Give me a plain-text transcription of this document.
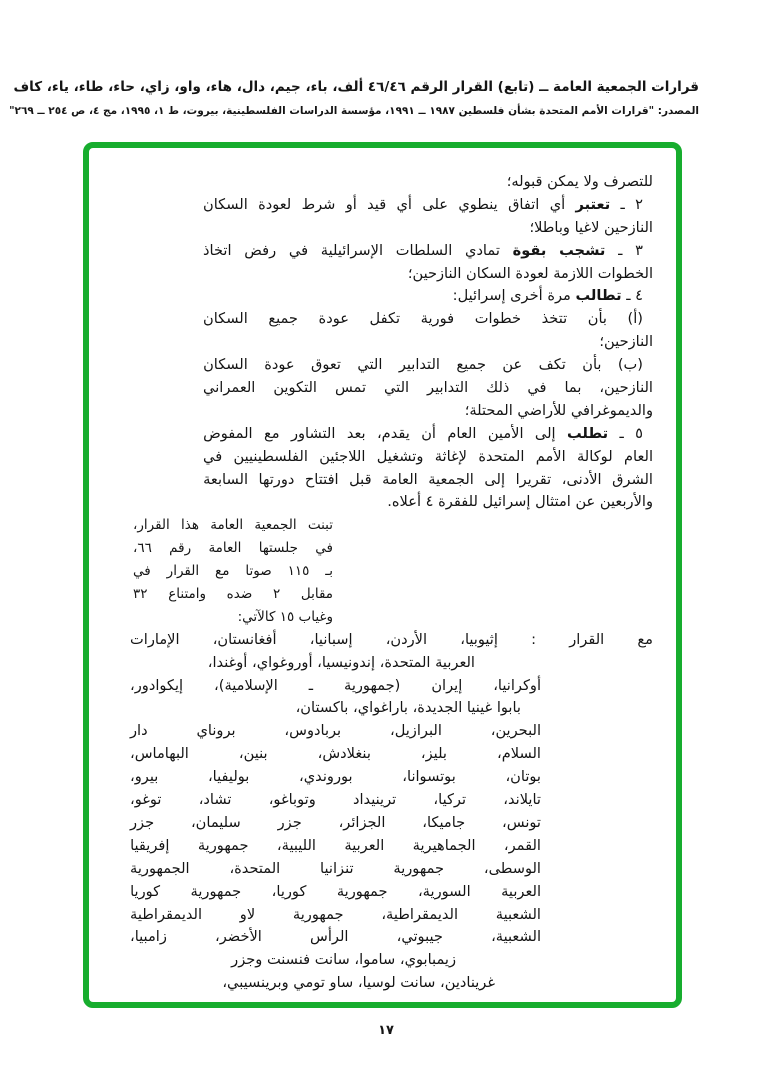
قرارات الجمعية العامة ــ (تابع) القرار الرقم ٤٦/٤٦ ألف، باء، جيم، دال، هاء، واو، زاي، حاء، طاء، ياء، كاف
المصدر: "قرارات الأمم المتحدة بشأن فلسطين ١٩٨٧ ــ ١٩٩١، مؤسسة الدراسات الفلسطينية، بيروت، ط ١، ١٩٩٥، مج ٤، ص ٢٥٤ ــ ٢٦٩"
للتصرف ولا يمكن قبوله؛
٢
ـ
تعتبر
أي
اتفاق
ينطوي
على
أي
قيد
أو
شرط
لعودة
السكان
النازحين لاغيا وباطلا؛
٣
ـ
تشجب
بقوة
تمادي
السلطات
الإسرائيلية
في
رفض
اتخاذ
الخطوات اللازمة لعودة السكان النازحين؛
٤ ـ تطالب مرة أخرى إسرائيل:
(أ)
بأن
تتخذ
خطوات
فورية
تكفل
عودة
جميع
السكان
النازحين؛
(ب)
بأن
تكف
عن
جميع
التدابير
التي
تعوق
عودة
السكان
النازحين،
بما
في
ذلك
التدابير
التي
تمس
التكوين
العمراني
والديموغرافي للأراضي المحتلة؛
٥
ـ
تطلب
إلى
الأمين
العام
أن
يقدم،
بعد
التشاور
مع
المفوض
العام
لوكالة
الأمم
المتحدة
لإغاثة
وتشغيل
اللاجئين
الفلسطينيين
في
الشرق
الأدنى،
تقريرا
إلى
الجمعية
العامة
قبل
افتتاح
دورتها
السابعة
والأربعين عن امتثال إسرائيل للفقرة ٤ أعلاه.
تبنت
الجمعية
العامة
هذا
القرار،
في
جلستها
العامة
رقم
٦٦،
بـ
١١٥
صوتا
مع
القرار
في
مقابل
٢
ضده
وامتناع
٣٢
وغياب ١٥ كالآتي:
مع
القرار
:
إثيوبيا،
الأردن،
إسبانيا،
أفغانستان،
الإمارات
العربية المتحدة، إندونيسيا، أوروغواي، أوغندا،
أوكرانيا،
إيران
(جمهورية
ـ
الإسلامية)،
إيكوادور،
بابوا غينيا الجديدة، باراغواي، باكستان،
البحرين،
البرازيل،
بربادوس،
بروناي
دار
السلام،
بليز،
بنغلادش،
بنين،
البهاماس،
بوتان،
بوتسوانا،
بوروندي،
بوليفيا،
بيرو،
تايلاند،
تركيا،
ترينيداد
وتوباغو،
تشاد،
توغو،
تونس،
جاميكا،
الجزائر،
جزر
سليمان،
جزر
القمر،
الجماهيرية
العربية
الليبية،
جمهورية
إفريقيا
الوسطى،
جمهورية
تنزانيا
المتحدة،
الجمهورية
العربية
السورية،
جمهورية
كوريا،
جمهورية
كوريا
الشعبية
الديمقراطية،
جمهورية
لاو
الديمقراطية
الشعبية،
جيبوتي،
الرأس
الأخضر،
زامبيا،
زيمبابوي، ساموا، سانت فنسنت وجزر
غرينادين، سانت لوسيا، ساو تومي وبرينسيبي،
١٧
